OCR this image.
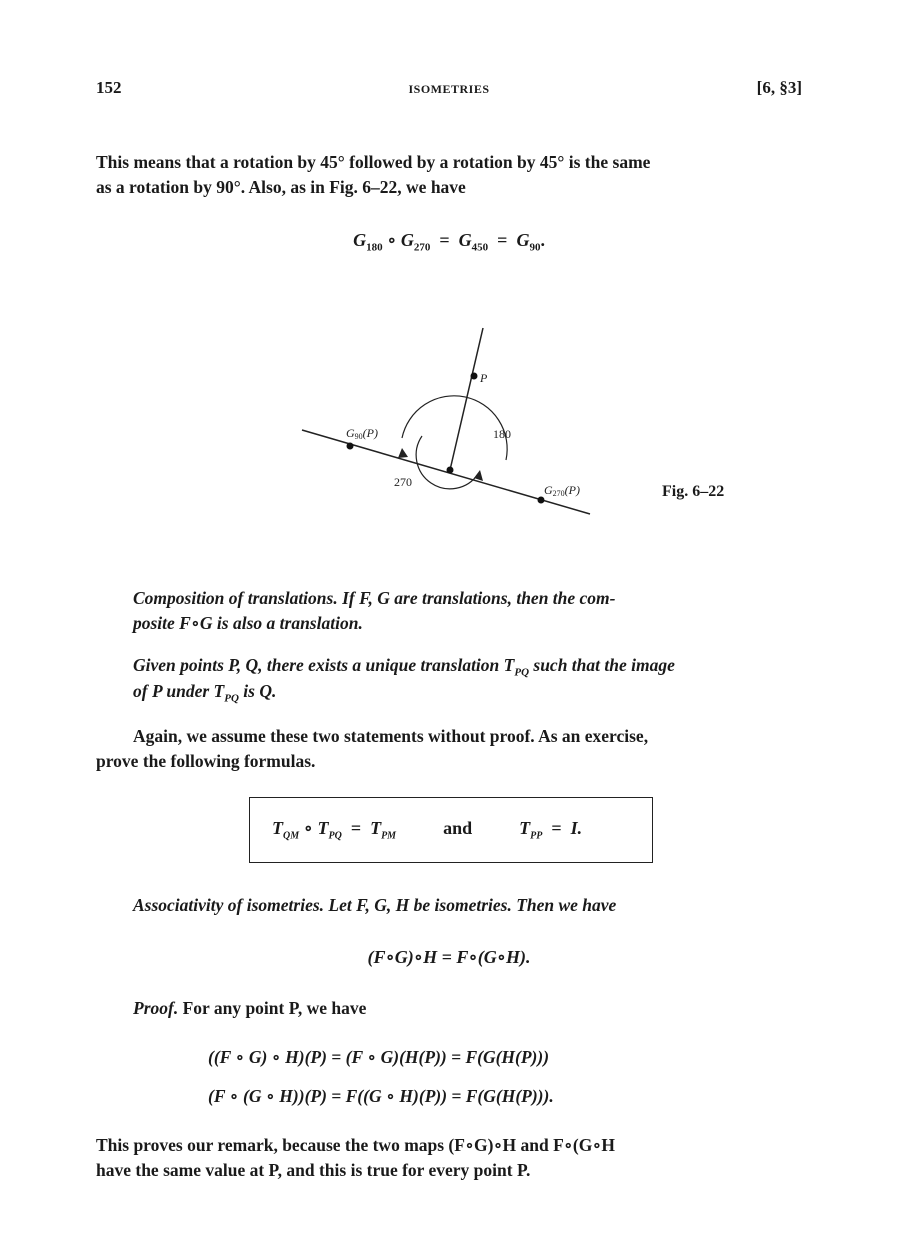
152	ISOMETRIES	[6, §3]
This means that a rotation by 45° followed by a rotation by 45° is the same
as a rotation by 90°. Also, as in Fig. 6–22, we have
$G_{180}$ ∘ $G_{270} = G_{450} = G_{90}$.
P
G90(P)	180
270
G270(P)	Fig. 6–22
Composition of translations. If F, G are translations, then the com-
posite F∘G is also a translation.
Given points P, Q, there exists a unique translation $T_{PQ}$ such that the image
of P under $T_{PQ}$ is Q.
Again, we assume these two statements without proof. As an exercise,
prove the following formulas.
$T_{QM}$ ∘ $T_{PQ} = T_{PM}$	and	$T_{PP} = I$.
Associativity of isometries. Let F, G, H be isometries. Then we have
(F∘G)∘H = F∘(G∘H).
Proof. For any point P, we have
((F ∘ G) ∘ H)(P) = (F ∘ G)(H(P)) = F(G(H(P)))
(F ∘ (G ∘ H))(P) = F((G ∘ H)(P)) = F(G(H(P))).
This proves our remark, because the two maps (F∘G)∘H and F∘(G∘H
have the same value at P, and this is true for every point P.
